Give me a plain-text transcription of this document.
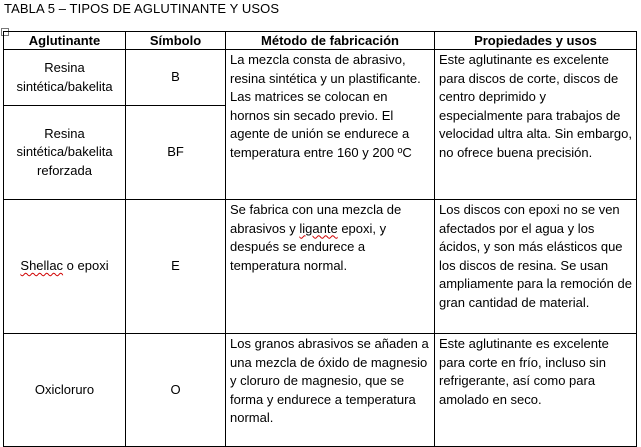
TABLA 5 – TIPOS DE AGLUTINANTE Y USOS
Aglutinante	Símbolo	Método de fabricación	Propiedades y usos
Resina sintética/bakelita	B	La mezcla consta de abrasivo, resina sintética y un plastificante. Las matrices se colocan en hornos sin secado previo. El agente de unión se endurece a temperatura entre 160 y 200 ºC	Este aglutinante es excelente para discos de corte, discos de centro deprimido y especialmente para trabajos de velocidad ultra alta. Sin embargo, no ofrece buena precisión.
Resina sintética/bakelita reforzada	BF		
Shellac o epoxi	E	Se fabrica con una mezcla de abrasivos y ligante epoxi, y después se endurece a temperatura normal.	Los discos con epoxi no se ven afectados por el agua y los ácidos, y son más elásticos que los discos de resina. Se usan ampliamente para la remoción de gran cantidad de material.
Oxicloruro	O	Los granos abrasivos se añaden a una mezcla de óxido de magnesio y cloruro de magnesio, que se forma y endurece a temperatura normal.	Este aglutinante es excelente para corte en frío, incluso sin refrigerante, así como para amolado en seco.
